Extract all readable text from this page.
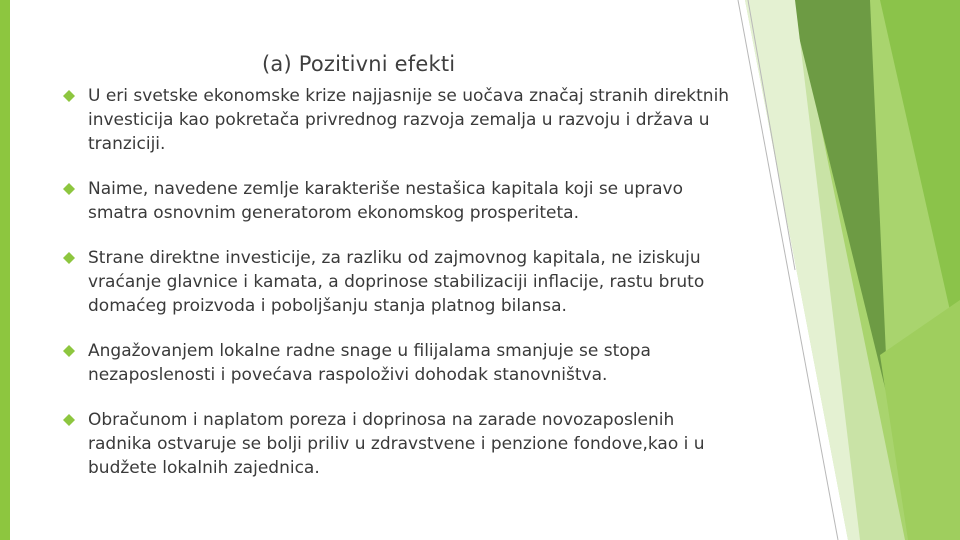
(a) Pozitivni efekti
U eri svetske ekonomske krize najjasnije se uočava značaj stranih direktnih investicija kao pokretača privrednog razvoja zemalja u razvoju i država u tranziciji.
Naime, navedene zemlje karakteriše nestašica kapitala koji se upravo smatra osnovnim generatorom ekonomskog prosperiteta.
Strane direktne investicije, za razliku od zajmovnog kapitala, ne iziskuju vraćanje glavnice i kamata, a doprinose stabilizaciji inflacije, rastu bruto domaćeg proizvoda i poboljšanju stanja platnog bilansa.
Angažovanjem lokalne radne snage u filijalama smanjuje se stopa nezaposlenosti i povećava raspoloživi dohodak stanovništva.
Obračunom i naplatom poreza i doprinosa na zarade novozaposlenih radnika ostvaruje se bolji priliv u zdravstvene i penzione fondove,kao i u budžete lokalnih zajednica.
